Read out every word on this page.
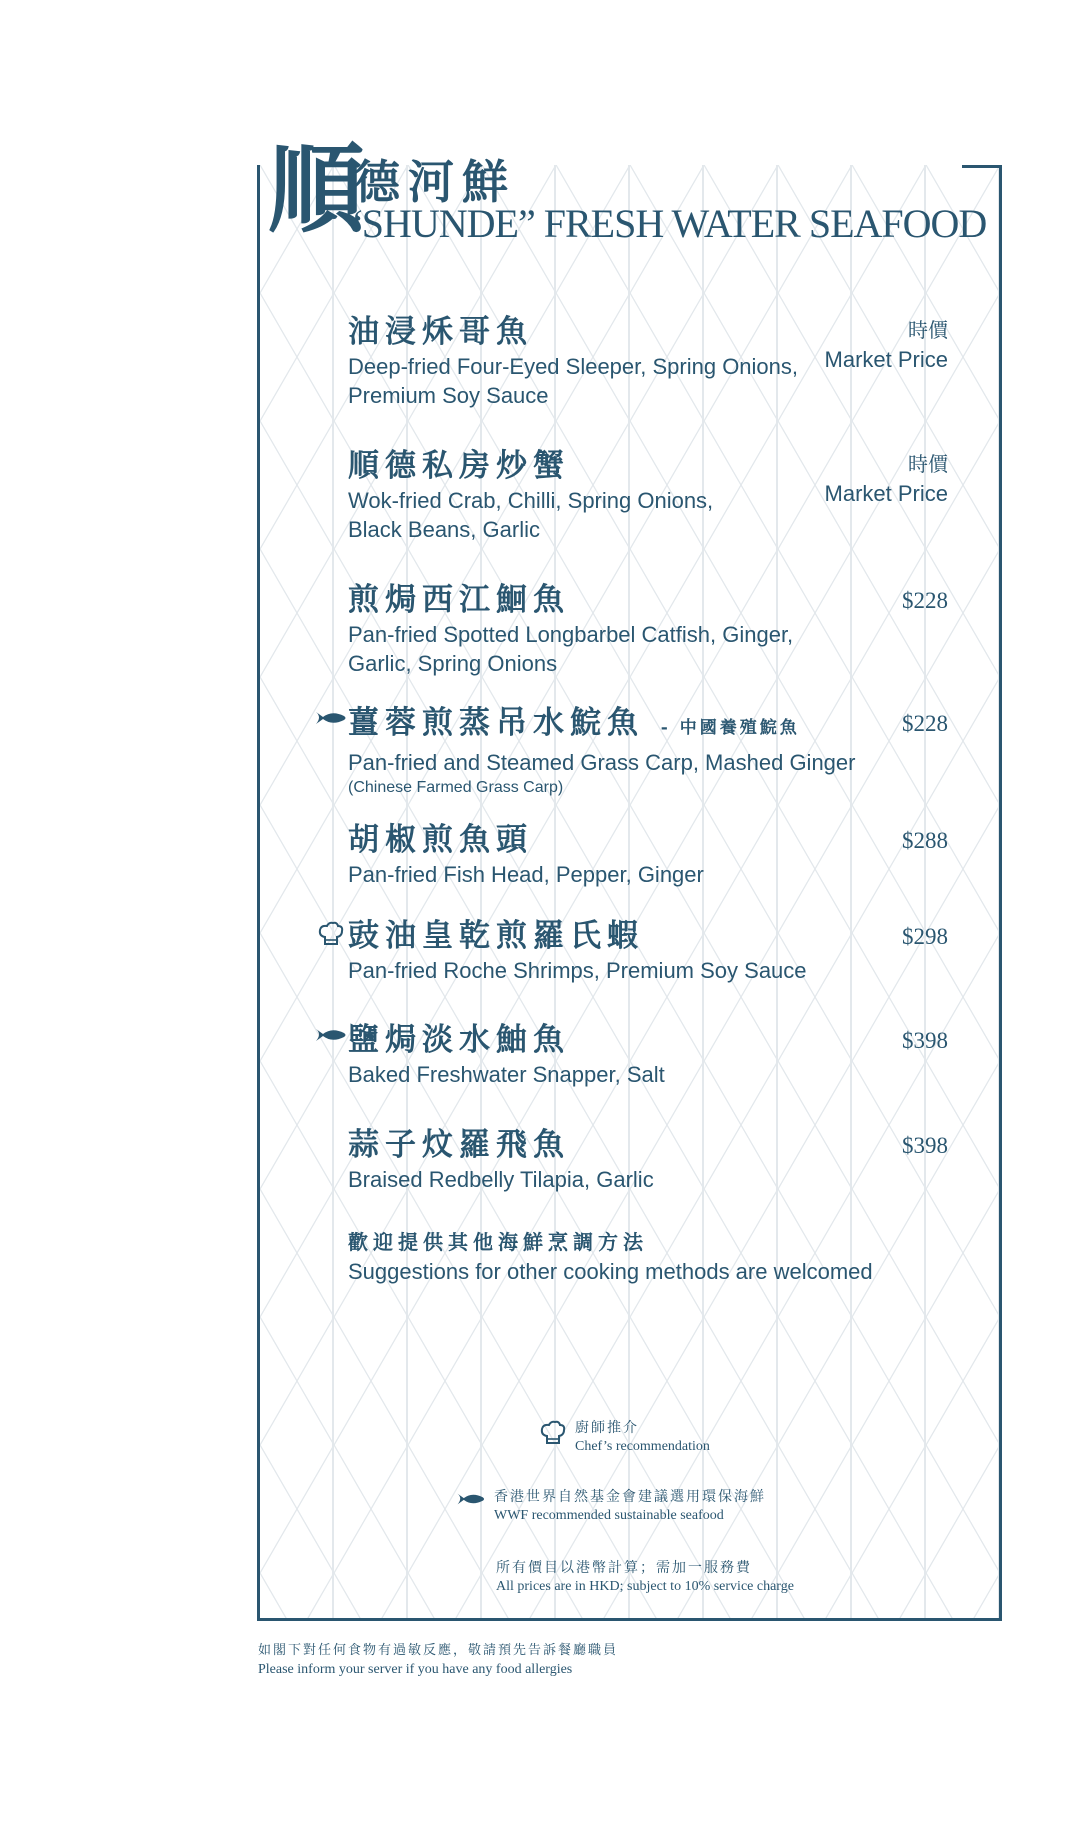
順
德河鮮
“SHUNDE” FRESH WATER SEAFOOD
油浸秌哥魚
Deep-fried Four-Eyed Sleeper, Spring Onions,
Premium Soy Sauce
時價
Market Price
順德私房炒蟹
Wok-fried Crab, Chilli, Spring Onions,
Black Beans, Garlic
時價
Market Price
煎焗西江鮰魚
Pan-fried Spotted Longbarbel Catfish, Ginger,
Garlic, Spring Onions
$228
薑蓉煎蒸吊水鯇魚 - 中國養殖鯇魚
Pan-fried and Steamed Grass Carp, Mashed Ginger
(Chinese Farmed Grass Carp)
$228
胡椒煎魚頭
Pan-fried Fish Head, Pepper, Ginger
$288
豉油皇乾煎羅氏蝦
Pan-fried Roche Shrimps, Premium Soy Sauce
$298
鹽焗淡水鮋魚
Baked Freshwater Snapper, Salt
$398
蒜子炆羅飛魚
Braised Redbelly Tilapia, Garlic
$398
歡迎提供其他海鮮烹調方法
Suggestions for other cooking methods are welcomed
廚師推介
Chef’s recommendation
香港世界自然基金會建議選用環保海鮮
WWF recommended sustainable seafood
所有價目以港幣計算；需加一服務費
All prices are in HKD; subject to 10% service charge
如閣下對任何食物有過敏反應，敬請預先告訴餐廳職員
Please inform your server if you have any food allergies
